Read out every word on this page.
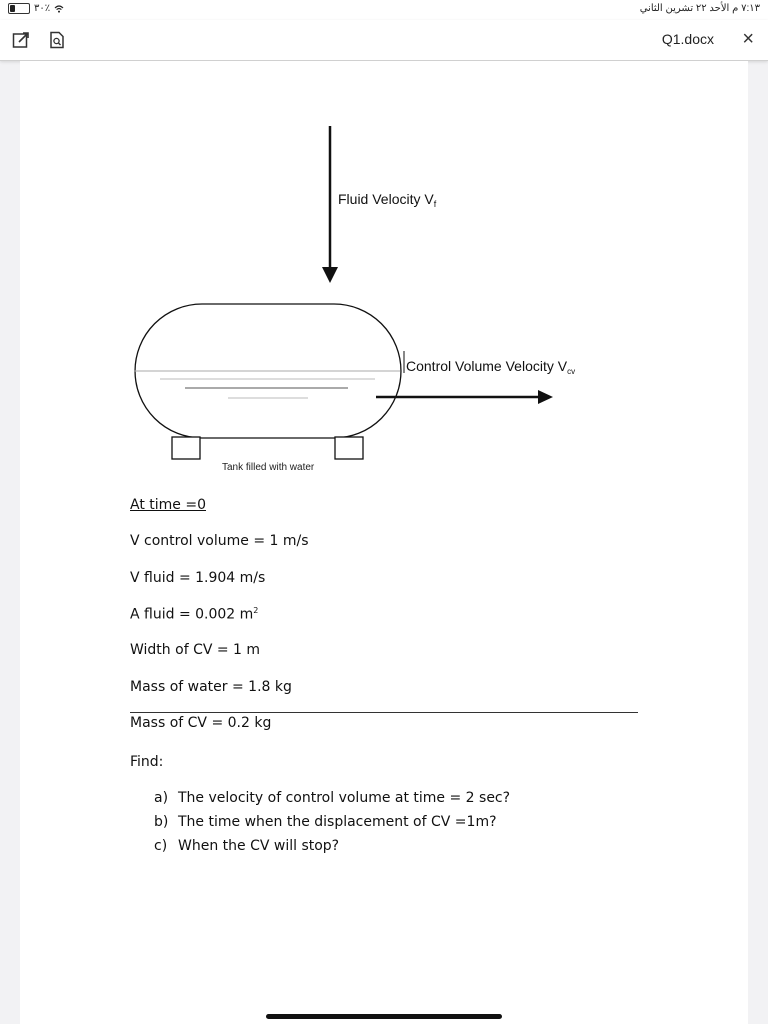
٣٠٪	٧:١٣ م الأحد ٢٢ تشرين الثاني
Q1.docx ×
Fluid Velocity $V_f$
Tank filled with water
Control Volume Velocity $V_{cv}$
At time =0
V control volume = 1 m/s
V fluid = 1.904 m/s
A fluid = 0.002 $m^2$
Width of CV = 1 m
Mass of water = 1.8 kg
Mass of CV = 0.2 kg
Find:
a) The velocity of control volume at time = 2 sec?
b) The time when the displacement of CV =1m?
c) When the CV will stop?
